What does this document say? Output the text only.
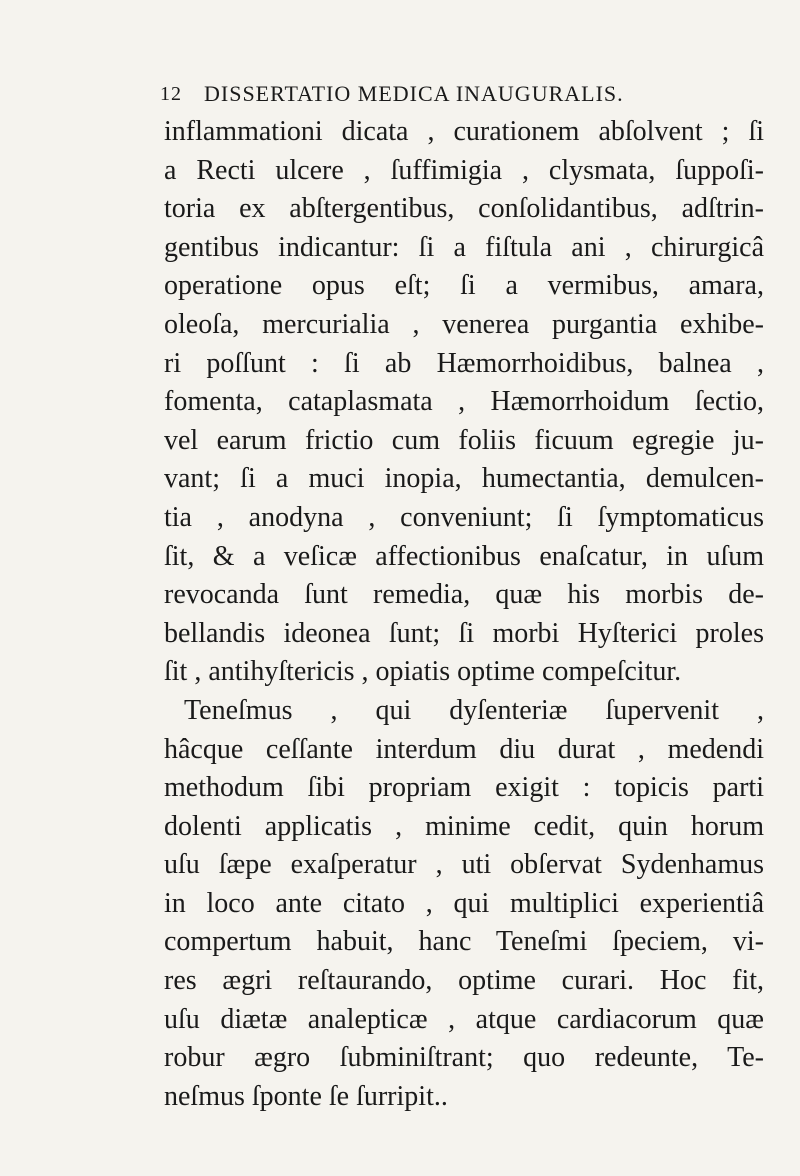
12 DISSERTATIO MEDICA INAUGURALIS.
inflammationi dicata , curationem abſolvent ; ſi
a Recti ulcere , ſuffimigia , clysmata, ſuppoſi-
toria ex abſtergentibus, conſolidantibus, adſtrin-
gentibus indicantur: ſi a fiſtula ani , chirurgicâ
operatione opus eſt; ſi a vermibus, amara,
oleoſa, mercurialia , venerea purgantia exhibe-
ri poſſunt : ſi ab Hæmorrhoidibus, balnea ,
fomenta, cataplasmata , Hæmorrhoidum ſectio,
vel earum frictio cum foliis ficuum egregie ju-
vant; ſi a muci inopia, humectantia, demulcen-
tia , anodyna , conveniunt; ſi ſymptomaticus
ſit, & a veſicæ affectionibus enaſcatur, in uſum
revocanda ſunt remedia, quæ his morbis de-
bellandis ideonea ſunt; ſi morbi Hyſterici proles
ſit , antihyſtericis , opiatis optime compeſcitur.
Teneſmus , qui dyſenteriæ ſupervenit ,
hâcque ceſſante interdum diu durat , medendi
methodum ſibi propriam exigit : topicis parti
dolenti applicatis , minime cedit, quin horum
uſu ſæpe exaſperatur , uti obſervat Sydenhamus
in loco ante citato , qui multiplici experientiâ
compertum habuit, hanc Teneſmi ſpeciem, vi-
res ægri reſtaurando, optime curari. Hoc fit,
uſu diætæ analepticæ , atque cardiacorum quæ
robur ægro ſubminiſtrant; quo redeunte, Te-
neſmus ſponte ſe ſurripit..
